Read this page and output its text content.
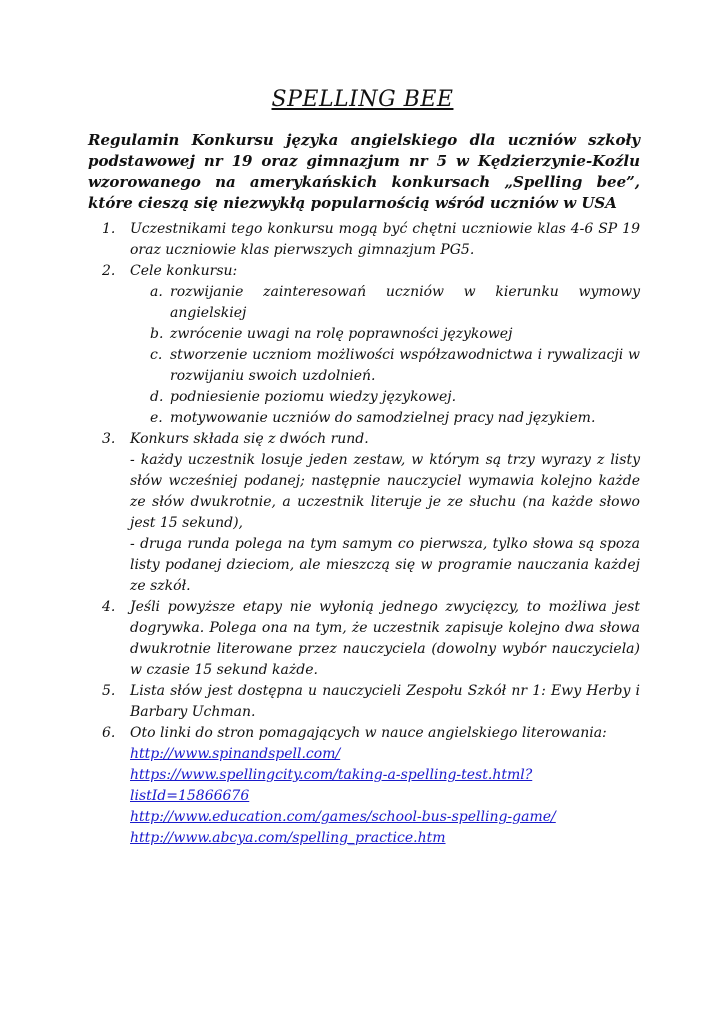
SPELLING BEE
Regulamin Konkursu języka angielskiego dla uczniów szkoły podstawowej nr 19 oraz gimnazjum nr 5 w Kędzierzynie-Koźlu wzorowanego na amerykańskich konkursach „Spelling bee”, które cieszą się niezwykłą popularnością wśród uczniów w USA
1. Uczestnikami tego konkursu mogą być chętni uczniowie klas 4-6 SP 19 oraz uczniowie klas pierwszych gimnazjum PG5.
2. Cele konkursu:
a. rozwijanie zainteresowań uczniów w kierunku wymowy angielskiej
b. zwrócenie uwagi na rolę poprawności językowej
c. stworzenie uczniom możliwości współzawodnictwa i rywalizacji w rozwijaniu swoich uzdolnień.
d. podniesienie poziomu wiedzy językowej.
e. motywowanie uczniów do samodzielnej pracy nad językiem.
3. Konkurs składa się z dwóch rund.
- każdy uczestnik losuje jeden zestaw, w którym są trzy wyrazy z listy słów wcześniej podanej; następnie nauczyciel wymawia kolejno każde ze słów dwukrotnie, a uczestnik literuje je ze słuchu (na każde słowo jest 15 sekund),
- druga runda polega na tym samym co pierwsza, tylko słowa są spoza listy podanej dzieciom, ale mieszczą się w programie nauczania każdej ze szkół.
4. Jeśli powyższe etapy nie wyłonią jednego zwycięzcy, to możliwa jest dogrywka. Polega ona na tym, że uczestnik zapisuje kolejno dwa słowa dwukrotnie literowane przez nauczyciela (dowolny wybór nauczyciela) w czasie 15 sekund każde.
5. Lista słów jest dostępna u nauczycieli Zespołu Szkół nr 1: Ewy Herby i Barbary Uchman.
6. Oto linki do stron pomagających w nauce angielskiego literowania:
http://www.spinandspell.com/
https://www.spellingcity.com/taking-a-spelling-test.html?listId=15866676
http://www.education.com/games/school-bus-spelling-game/
http://www.abcya.com/spelling_practice.htm
